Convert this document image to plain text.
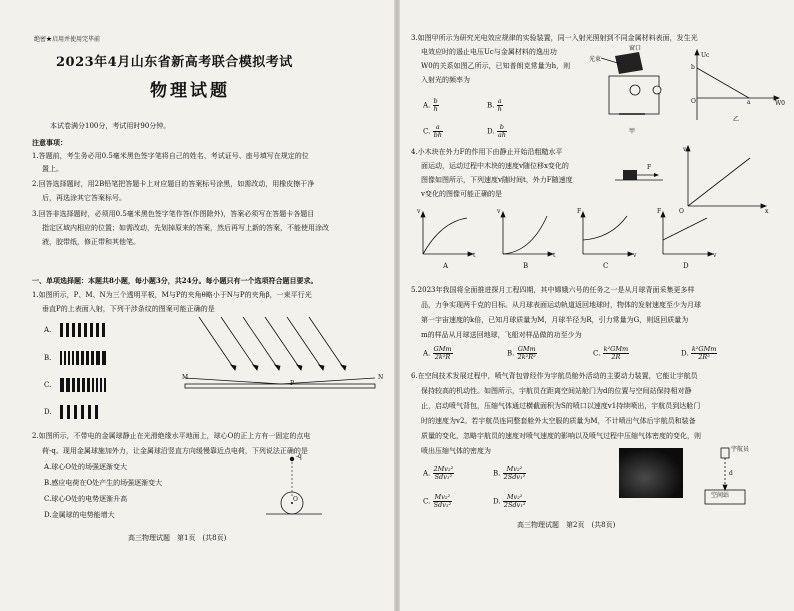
绝密★启用并使用完毕前
2023年4月山东省新高考联合模拟考试
物理试题
本试卷满分100分，考试用时90分钟。
注意事项：
1.答题前，考生务必用0.5毫米黑色签字笔将自己的姓名、考试证号、座号填写在规定的位
置上。
2.回答选择题时，用2B铅笔把答题卡上对应题目的答案标号涂黑，如需改动，用橡皮擦干净
后，再选涂其它答案标号。
3.回答非选择题时，必须用0.5毫米黑色签字笔作答(作图除外)，答案必须写在答题卡各题目
指定区域内相应的位置；如需改动，先划掉原来的答案，然后再写上新的答案，不能使用涂改
液，胶带纸，修正带和其他笔。
一、单项选择题：本题共8小题，每小题3分，共24分。每小题只有一个选项符合题目要求。
1.如图所示，P、M、N为三个透明平板，M与P的夹角θ略小于N与P的夹角β，一束平行光
垂直P的上表面入射，下列干涉条纹的图案可能正确的是
A.
B.
C.
D.
M	N
P
2.如图所示，不带电的金属球静止在光滑绝缘水平地面上，球心O的正上方有一固定的点电
荷-q。现用金属球施加外力，让金属球沿竖直方向缓慢靠近点电荷，下列说法正确的是
A.球心O处的场强逐渐变大
B.感应电荷在O处产生的场强逐渐变大
C.球心O处的电势逐渐升高
D.金属球的电势能增大
-q
O
高三物理试题　第1页　(共8页)
3.如图甲所示为研究光电效应规律的实验装置，同一入射光照射到不同金属材料表面，发生光
电效应时的遏止电压Uc与金属材料的逸出功
W0的关系如图乙所示，已知普朗克常量为h，则
入射光的频率为
A. $\frac{b}{h}$	B. $\frac{a}{h}$
C. $\frac{a}{bh}$	D. $\frac{b}{ah}$
窗口
光束
甲
Uc
b
O	a	W0
乙
4.小木块在外力F的作用下由静止开始沿粗糙水平
面运动，运动过程中木块的速度v随位移x变化的
图像如图所示，下列速度v随时间t，外力F随速度
v变化的图像可能正确的是
F
v
x
O
v	v	F	F
t	t	v	v
A	B	C	D
5.2023年我国将全面推进探月工程四期，其中嫦娥六号的任务之一是从月球背面采集更多样
品，力争实现两千克的目标。从月球表面运动轨道返回地球时，物体的发射速度至少为月球
第一宇宙速度的k倍，已知月球质量为M，月球半径为R，引力常量为G，则返回质量为
m的样品从月球送回地球，飞船对样品做的功至少为
A. $\frac{\text{GMm}}{\text{2k²R}}$	B. $\frac{\text{GMm}}{\text{2k²R²}}$	C. $\frac{\text{k²GMm}}{2R}$	D. $\frac{\text{k²GMm}}{\text{2R²}}$
6.在空间技术发展过程中，喷气背包曾经作为宇航员舱外活动的主要动力装置，它能让宇航员
保持较高的机动性。如图所示，宇航员在距离空间站舱门为d的位置与空间站保持相对静
止，启动喷气背包，压缩气体通过横截面积为S的喷口以速度v1持续喷出，宇航员到达舱门
时的速度为v2。若宇航员连同整套舱外太空服的质量为M，不计喷出气体后宇航员和装备
质量的变化，忽略宇航员的速度对喷气速度的影响以及喷气过程中压缩气体密度的变化，则
喷出压缩气体的密度为
A. $\frac{\text{2Mv₂²}}{\text{Sdv₁²}}$	B. $\frac{\text{Mv₂²}}{\text{2Sdv₁²}}$
C. $\frac{\text{Mv₂²}}{\text{Sdv₁²}}$	D. $\frac{\text{Mv₂²}}{\text{2Sdv₁²}}$
宇航员
d
空间站
高三物理试题　第2页　(共8页)
